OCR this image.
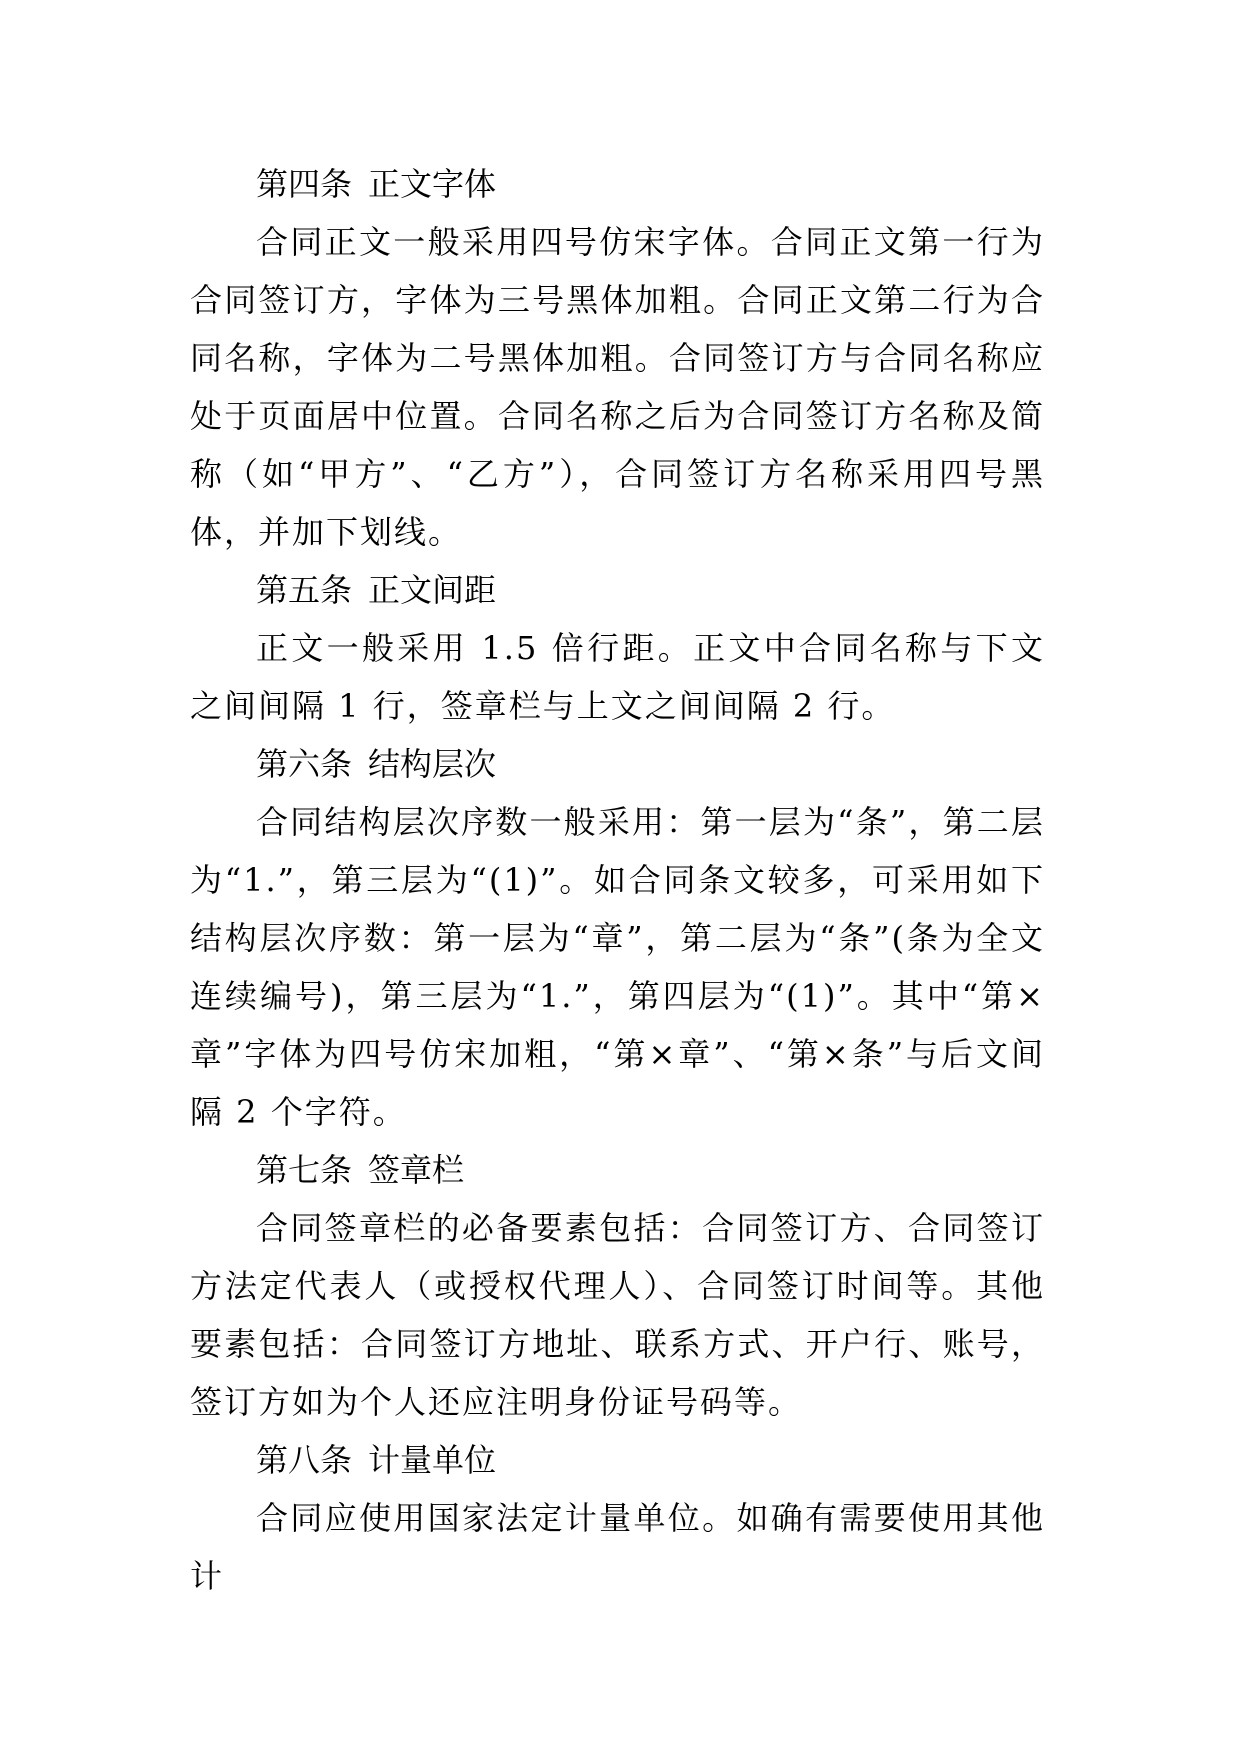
第四条 正文字体

合同正文一般采用四号仿宋字体。合同正文第一行为合同签订方，字体为三号黑体加粗。合同正文第二行为合同名称，字体为二号黑体加粗。合同签订方与合同名称应处于页面居中位置。合同名称之后为合同签订方名称及简称（如“甲方”、“乙方”），合同签订方名称采用四号黑体，并加下划线。

第五条 正文间距

正文一般采用 1.5 倍行距。正文中合同名称与下文之间间隔 1 行，签章栏与上文之间间隔 2 行。

第六条 结构层次

合同结构层次序数一般采用：第一层为“条”，第二层为“1.”，第三层为“(1)”。如合同条文较多，可采用如下结构层次序数：第一层为“章”，第二层为“条”(条为全文连续编号)，第三层为“1.”，第四层为“(1)”。其中“第×章”字体为四号仿宋加粗，“第×章”、“第×条”与后文间隔 2 个字符。

第七条 签章栏

合同签章栏的必备要素包括：合同签订方、合同签订方法定代表人（或授权代理人）、合同签订时间等。其他要素包括：合同签订方地址、联系方式、开户行、账号，签订方如为个人还应注明身份证号码等。

第八条 计量单位

合同应使用国家法定计量单位。如确有需要使用其他计
